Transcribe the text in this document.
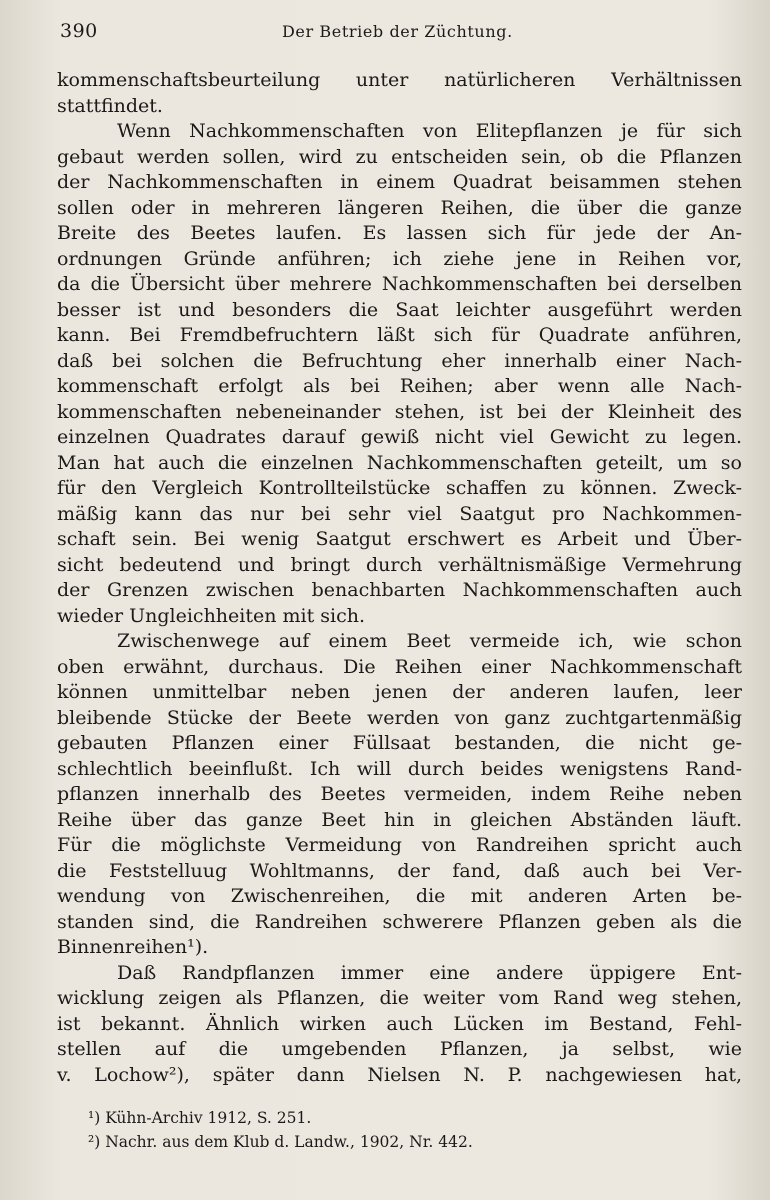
390	Der Betrieb der Züchtung.
kommenschaftsbeurteilung unter natürlicheren Verhältnissen
stattfindet.
Wenn Nachkommenschaften von Elitepflanzen je für sich
gebaut werden sollen, wird zu entscheiden sein, ob die Pflanzen
der Nachkommenschaften in einem Quadrat beisammen stehen
sollen oder in mehreren längeren Reihen, die über die ganze
Breite des Beetes laufen. Es lassen sich für jede der An-
ordnungen Gründe anführen; ich ziehe jene in Reihen vor,
da die Übersicht über mehrere Nachkommenschaften bei derselben
besser ist und besonders die Saat leichter ausgeführt werden
kann. Bei Fremdbefruchtern läßt sich für Quadrate anführen,
daß bei solchen die Befruchtung eher innerhalb einer Nach-
kommenschaft erfolgt als bei Reihen; aber wenn alle Nach-
kommenschaften nebeneinander stehen, ist bei der Kleinheit des
einzelnen Quadrates darauf gewiß nicht viel Gewicht zu legen.
Man hat auch die einzelnen Nachkommenschaften geteilt, um so
für den Vergleich Kontrollteilstücke schaffen zu können. Zweck-
mäßig kann das nur bei sehr viel Saatgut pro Nachkommen-
schaft sein. Bei wenig Saatgut erschwert es Arbeit und Über-
sicht bedeutend und bringt durch verhältnismäßige Vermehrung
der Grenzen zwischen benachbarten Nachkommenschaften auch
wieder Ungleichheiten mit sich.
Zwischenwege auf einem Beet vermeide ich, wie schon
oben erwähnt, durchaus. Die Reihen einer Nachkommenschaft
können unmittelbar neben jenen der anderen laufen, leer
bleibende Stücke der Beete werden von ganz zuchtgartenmäßig
gebauten Pflanzen einer Füllsaat bestanden, die nicht ge-
schlechtlich beeinflußt. Ich will durch beides wenigstens Rand-
pflanzen innerhalb des Beetes vermeiden, indem Reihe neben
Reihe über das ganze Beet hin in gleichen Abständen läuft.
Für die möglichste Vermeidung von Randreihen spricht auch
die Feststelluug Wohltmanns, der fand, daß auch bei Ver-
wendung von Zwischenreihen, die mit anderen Arten be-
standen sind, die Randreihen schwerere Pflanzen geben als die
Binnenreihen¹).
Daß Randpflanzen immer eine andere üppigere Ent-
wicklung zeigen als Pflanzen, die weiter vom Rand weg stehen,
ist bekannt. Ähnlich wirken auch Lücken im Bestand, Fehl-
stellen auf die umgebenden Pflanzen, ja selbst, wie
v. Lochow²), später dann Nielsen N. P. nachgewiesen hat,
¹) Kühn-Archiv 1912, S. 251.
²) Nachr. aus dem Klub d. Landw., 1902, Nr. 442.
